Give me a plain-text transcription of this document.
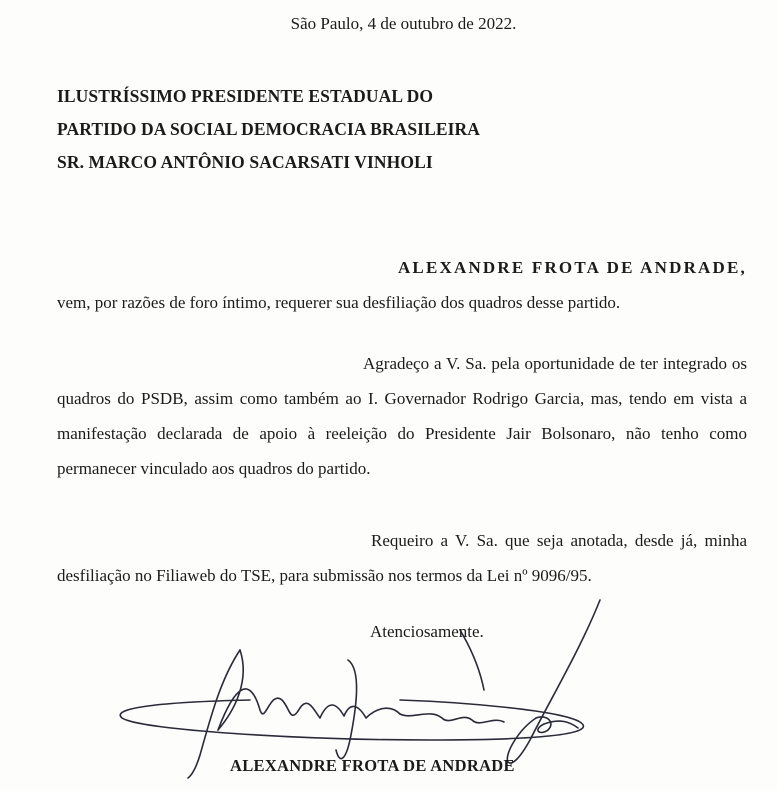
São Paulo, 4 de outubro de 2022.
ILUSTRÍSSIMO PRESIDENTE ESTADUAL DO
PARTIDO DA SOCIAL DEMOCRACIA BRASILEIRA
SR. MARCO ANTÔNIO SACARSATI VINHOLI
ALEXANDRE FROTA DE ANDRADE,
vem, por razões de foro íntimo, requerer sua desfiliação dos quadros desse partido.
Agradeço a V. Sa. pela oportunidade de ter integrado os quadros do PSDB, assim como também ao I. Governador Rodrigo Garcia, mas, tendo em vista a manifestação declarada de apoio à reeleição do Presidente Jair Bolsonaro, não tenho como permanecer vinculado aos quadros do partido.
Requeiro a V. Sa. que seja anotada, desde já, minha desfiliação no Filiaweb do TSE, para submissão nos termos da Lei nº 9096/95.
Atenciosamente.
ALEXANDRE FROTA DE ANDRADE
